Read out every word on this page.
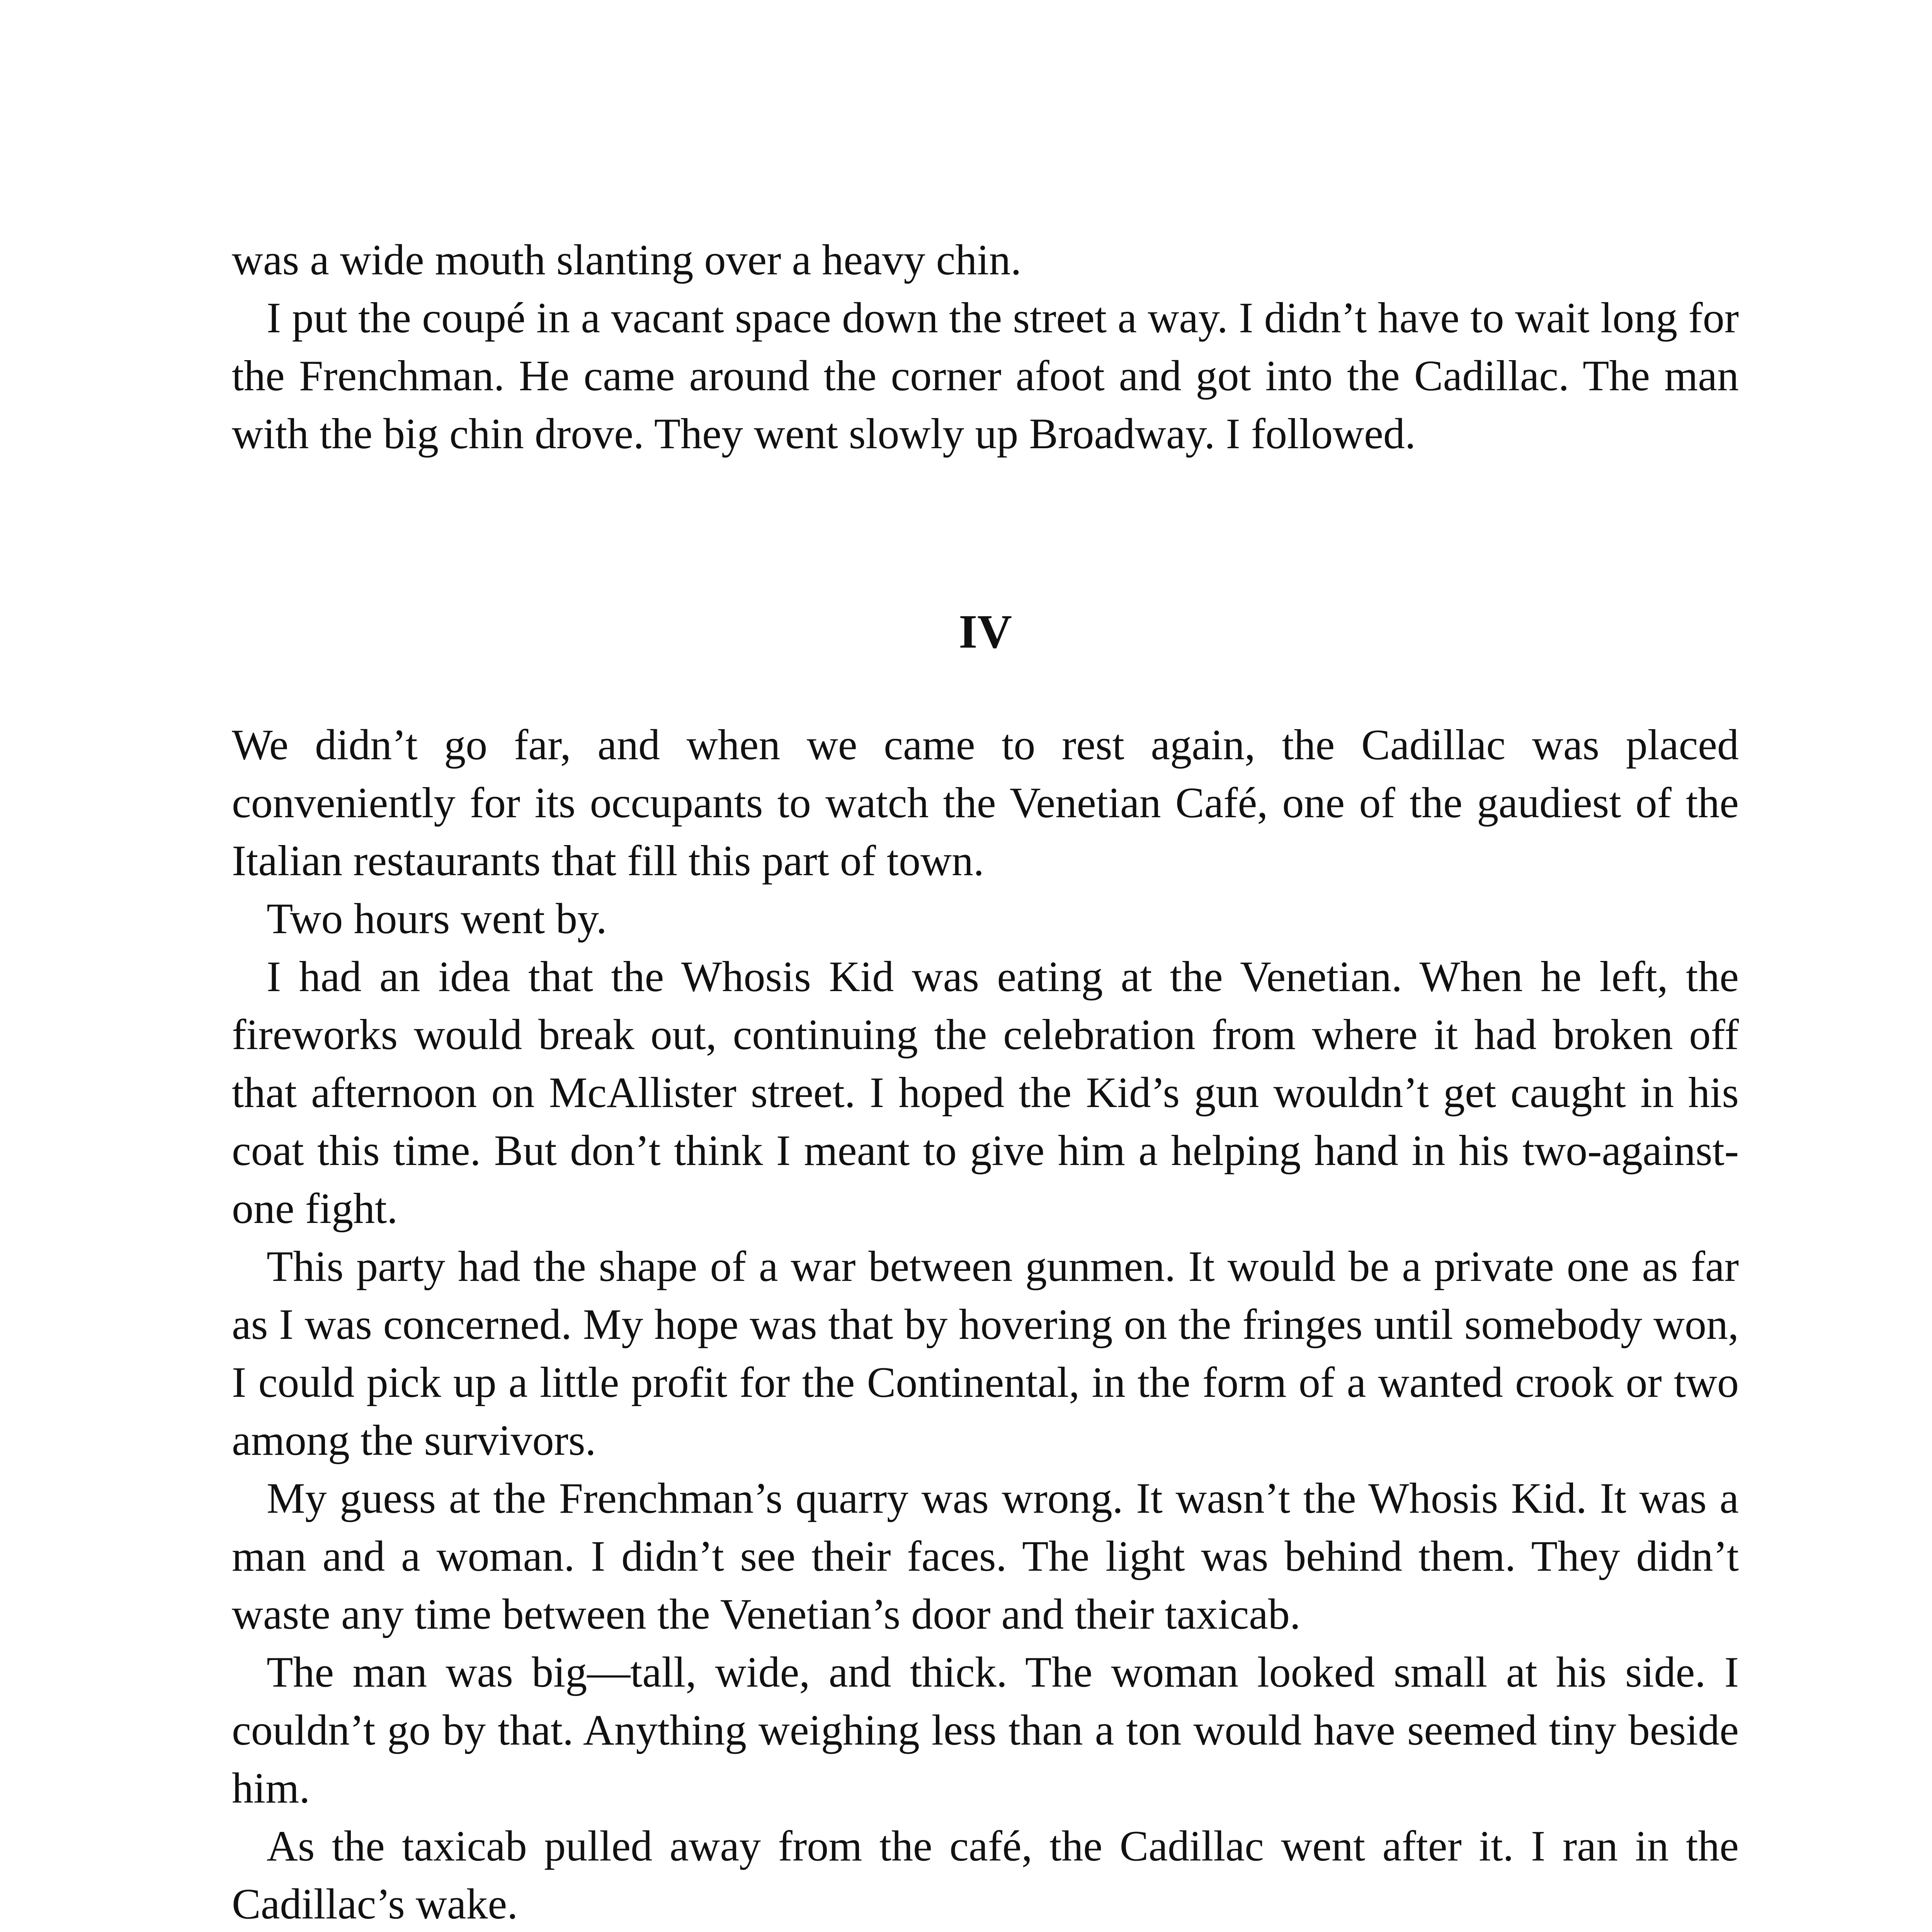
was a wide mouth slanting over a heavy chin.

I put the coupé in a vacant space down the street a way. I didn’t have to wait long for the Frenchman. He came around the corner afoot and got into the Cadillac. The man with the big chin drove. They went slowly up Broadway. I followed.

IV

We didn’t go far, and when we came to rest again, the Cadillac was placed conveniently for its occupants to watch the Venetian Café, one of the gaudiest of the Italian restaurants that fill this part of town.

Two hours went by.

I had an idea that the Whosis Kid was eating at the Venetian. When he left, the fireworks would break out, continuing the celebration from where it had broken off that afternoon on McAllister street. I hoped the Kid’s gun wouldn’t get caught in his coat this time. But don’t think I meant to give him a helping hand in his two-against-one fight.

This party had the shape of a war between gunmen. It would be a private one as far as I was concerned. My hope was that by hovering on the fringes until somebody won, I could pick up a little profit for the Continental, in the form of a wanted crook or two among the survivors.

My guess at the Frenchman’s quarry was wrong. It wasn’t the Whosis Kid. It was a man and a woman. I didn’t see their faces. The light was behind them. They didn’t waste any time between the Venetian’s door and their taxicab.

The man was big—tall, wide, and thick. The woman looked small at his side. I couldn’t go by that. Anything weighing less than a ton would have seemed tiny beside him.

As the taxicab pulled away from the café, the Cadillac went after it. I ran in the Cadillac’s wake.
